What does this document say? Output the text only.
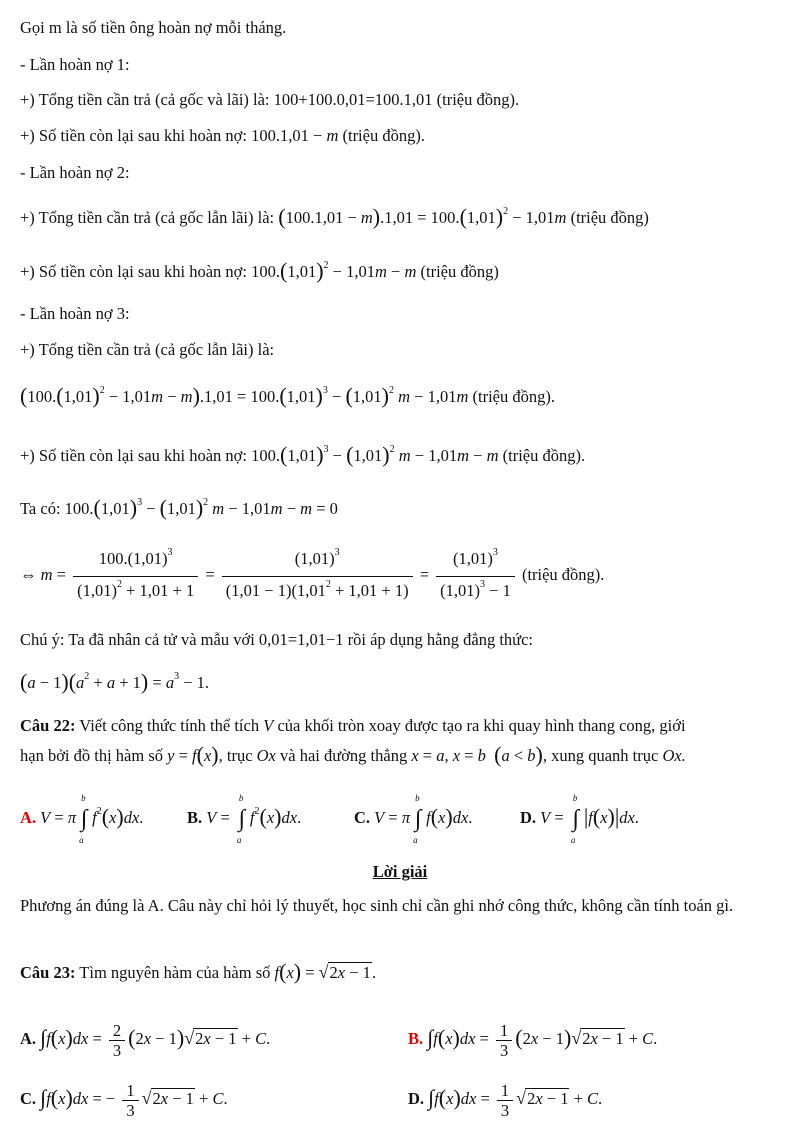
Gọi m là số tiền ông hoàn nợ mỗi tháng.
- Lần hoàn nợ 1:
+) Tổng tiền cần trả (cả gốc và lãi) là: 100+100.0,01=100.1,01 (triệu đồng).
+) Số tiền còn lại sau khi hoàn nợ: 100.1,01 − m (triệu đồng).
- Lần hoàn nợ 2:
+) Tổng tiền cần trả (cả gốc lẫn lãi) là: $(100.1,01 - m).1,01 = 100.(1,01)^2 - 1,01m$ (triệu đồng)
+) Số tiền còn lại sau khi hoàn nợ: $100.(1,01)^2 - 1,01m - m$ (triệu đồng)
- Lần hoàn nợ 3:
+) Tổng tiền cần trả (cả gốc lẫn lãi) là:
$(100.(1,01)^2 - 1,01m - m).1,01 = 100.(1,01)^3 - (1,01)^2$ m − 1,01m (triệu đồng).
+) Số tiền còn lại sau khi hoàn nợ: $100.(1,01)^3 - (1,01)^2$ m − 1,01m − m (triệu đồng).
Ta có: $100.(1,01)^3 - (1,01)^2$ m − 1,01m − m = 0
⇔ $m = \frac{100.(1,01)^3}{(1,01)^2 + 1,01 + 1} = \frac{(1,01)^3}{(1,01 - 1)(1,01^2 + 1,01 + 1)} = \frac{(1,01)^3}{(1,01)^3 - 1}$ (triệu đồng).
Chú ý: Ta đã nhân cả tử và mẫu với 0,01=1,01−1 rồi áp dụng hằng đẳng thức:
$(a - 1)(a^2 + a + 1) = a^3 - 1$.
Câu 22: Viết công thức tính thể tích V của khối tròn xoay được tạo ra khi quay hình thang cong, giới
hạn bởi đồ thị hàm số y = f(x), trục Ox và hai đường thẳng x = a, x = b (a < b), xung quanh trục Ox.
A. V = π ∫
b
a
$f^2(x)dx$.	B. V = ∫
b
a
$f^2(x)dx$.	C. V = π ∫
b
a
f(x)dx.	D. V = ∫
b
a
|f(x)|dx.
Lời giải
Phương án đúng là A. Câu này chỉ hỏi lý thuyết, học sinh chỉ cần ghi nhớ công thức, không cần tính toán gì.
Câu 23: Tìm nguyên hàm của hàm số f(x) = √2x − 1.
A. $\int f(x)dx = \frac{2}{3} (2x - 1)√2x - 1 + C$.	B. $\int f(x)dx = \frac{1}{3} (2x - 1)√2x - 1 + C$.
C. ∫f(x)dx = − $\frac{1}{3} √2x - 1 + C$.	D. $\int f(x)dx = \frac{1}{3} √2x - 1 + C$.
